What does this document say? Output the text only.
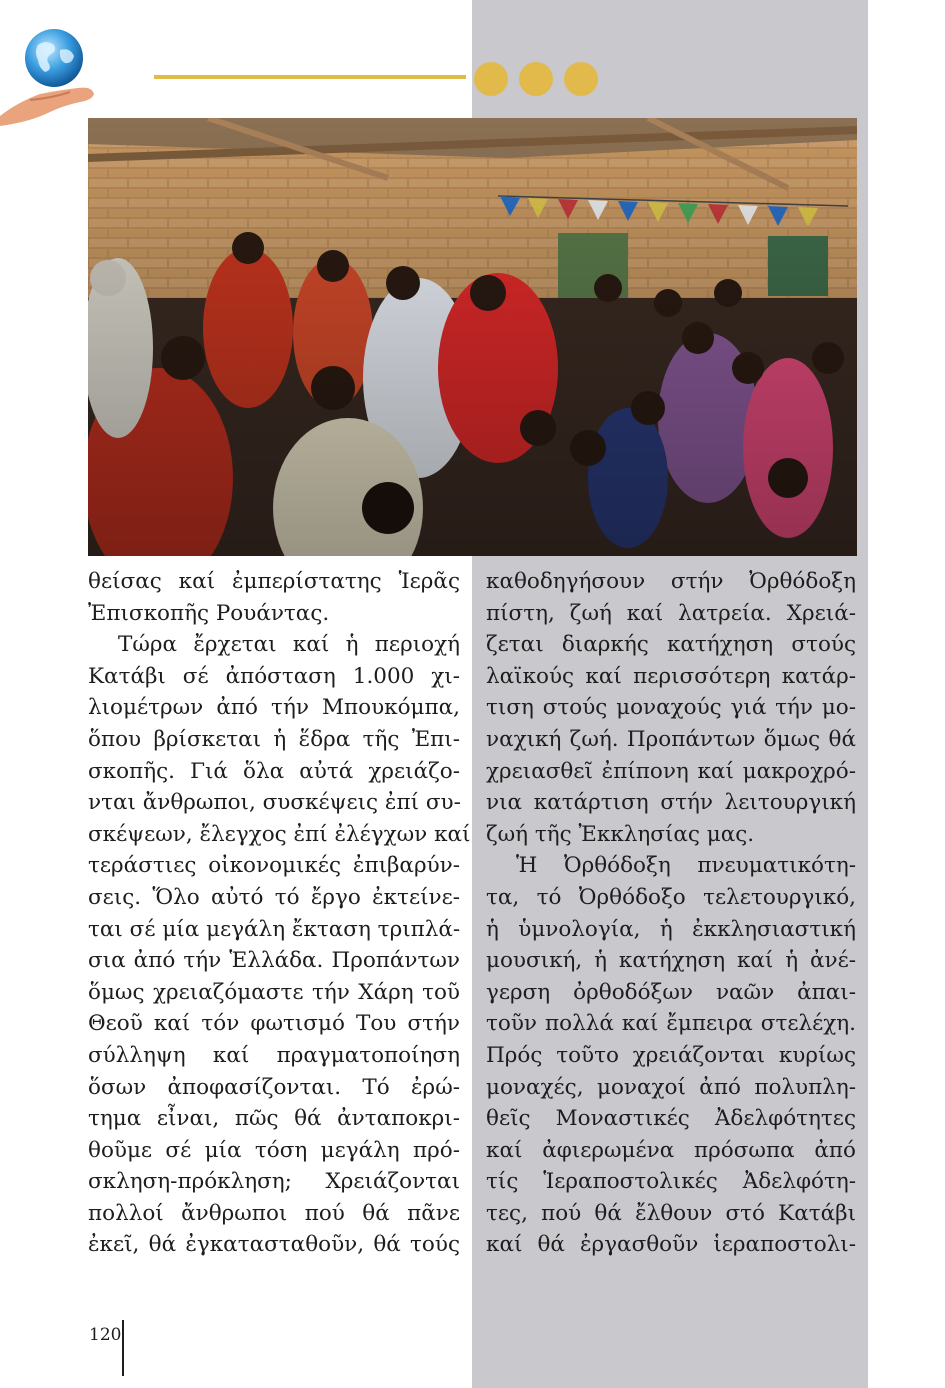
θείσας καί ἐμπερίστατης Ἱερᾶς
Ἐπισκοπῆς Ρουάντας.
Τώρα ἔρχεται καί ἡ περιοχή
Κατάβι σέ ἀπόσταση 1.000 χι-
λιομέτρων ἀπό τήν Μπουκόμπα,
ὅπου βρίσκεται ἡ ἕδρα τῆς Ἐπι-
σκοπῆς. Γιά ὅλα αὐτά χρειάζο-
νται ἄνθρωποι, συσκέψεις ἐπί συ-
σκέψεων, ἔλεγχος ἐπί ἐλέγχων καί
τεράστιες οἰκονομικές ἐπιβαρύν-
σεις. Ὅλο αὐτό τό ἔργο ἐκτείνε-
ται σέ μία μεγάλη ἔκταση τριπλά-
σια ἀπό τήν Ἑλλάδα. Προπάντων
ὅμως χρειαζόμαστε τήν Χάρη τοῦ
Θεοῦ καί τόν φωτισμό Του στήν
σύλληψη καί πραγματοποίηση
ὅσων ἀποφασίζονται. Τό ἐρώ-
τημα εἶναι, πῶς θά ἀνταποκρι-
θοῦμε σέ μία τόση μεγάλη πρό-
σκληση-πρόκληση; Χρειάζονται
πολλοί ἄνθρωποι πού θά πᾶνε
ἐκεῖ, θά ἐγκατασταθοῦν, θά τούς
καθοδηγήσουν στήν Ὀρθόδοξη
πίστη, ζωή καί λατρεία. Χρειά-
ζεται διαρκής κατήχηση στούς
λαϊκούς καί περισσότερη κατάρ-
τιση στούς μοναχούς γιά τήν μο-
ναχική ζωή. Προπάντων ὅμως θά
χρειασθεῖ ἐπίπονη καί μακροχρό-
νια κατάρτιση στήν λειτουργική
ζωή τῆς Ἐκκλησίας μας.
Ἡ Ὀρθόδοξη πνευματικότη-
τα, τό Ὀρθόδοξο τελετουργικό,
ἡ ὑμνολογία, ἡ ἐκκλησιαστική
μουσική, ἡ κατήχηση καί ἡ ἀνέ-
γερση ὀρθοδόξων ναῶν ἀπαι-
τοῦν πολλά καί ἔμπειρα στελέχη.
Πρός τοῦτο χρειάζονται κυρίως
μοναχές, μοναχοί ἀπό πολυπλη-
θεῖς Μοναστικές Ἀδελφότητες
καί ἀφιερωμένα πρόσωπα ἀπό
τίς Ἱεραποστολικές Ἀδελφότη-
τες, πού θά ἔλθουν στό Κατάβι
καί θά ἐργασθοῦν ἱεραποστολι-
120
